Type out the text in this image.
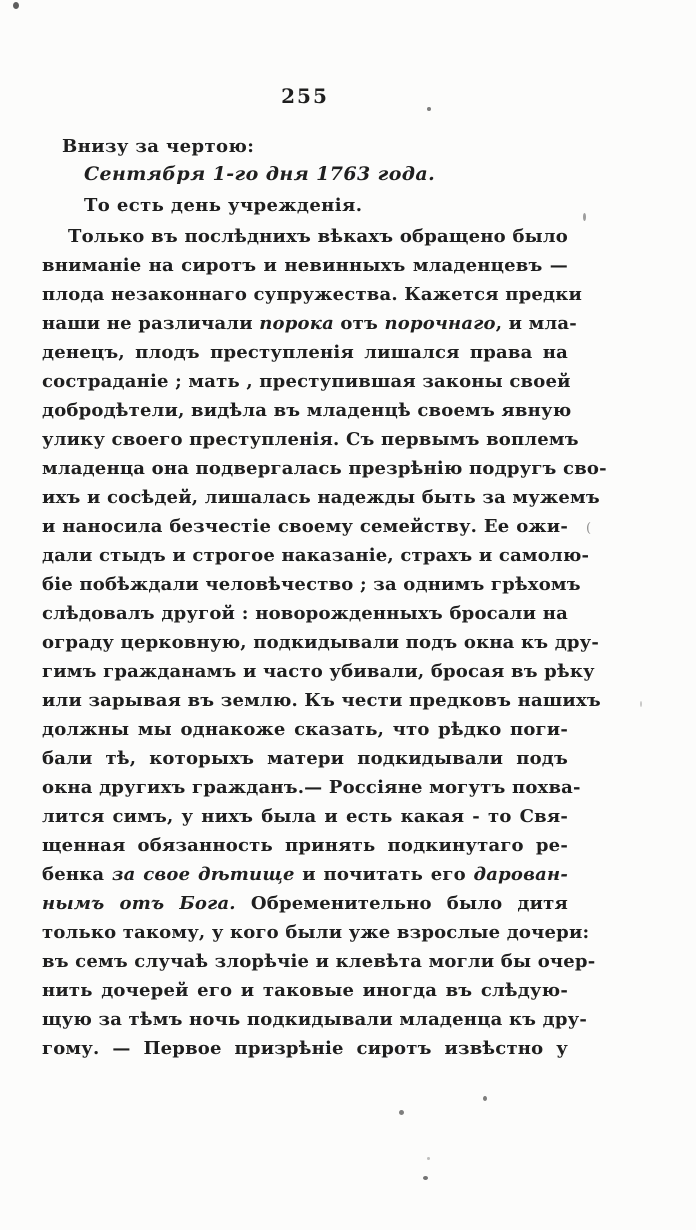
255
Внизу за чертою:
Сентября 1-го дня 1763 года.
То есть день учрежденія.
Только въ послѣднихъ вѣкахъ обращено было
вниманіе на сиротъ и невинныхъ младенцевъ —
плода незаконнаго супружества. Кажется предки
наши не различали порока отъ порочнаго, и мла-
денецъ, плодъ преступленія лишался права на
состраданіе ; мать , преступившая законы своей
добродѣтели, видѣла въ младенцѣ своемъ явную
улику своего преступленія. Съ первымъ воплемъ
младенца она подвергалась презрѣнію подругъ сво-
ихъ и сосѣдей, лишалась надежды быть за мужемъ
и наносила безчестіе своему семейству. Ее ожи-
дали стыдъ и строгое наказаніе, страхъ и самолю-
біе побѣждали человѣчество ; за однимъ грѣхомъ
слѣдовалъ другой : новорожденныхъ бросали на
ограду церковную, подкидывали подъ окна къ дру-
гимъ гражданамъ и часто убивали, бросая въ рѣку
или зарывая въ землю. Къ чести предковъ нашихъ
должны мы однакоже сказать, что рѣдко поги-
бали тѣ, которыхъ матери подкидывали подъ
окна другихъ гражданъ.— Россіяне могутъ похва-
лится симъ, у нихъ была и есть какая - то Свя-
щенная обязанность принять подкинутаго ре-
бенка за свое дѣтище и почитать его дарован-
нымъ отъ Бога. Обременительно было дитя
только такому, у кого были уже взрослые дочери:
въ семъ случаѣ злорѣчіе и клевѣта могли бы очер-
нить дочерей его и таковые иногда въ слѣдую-
щую за тѣмъ ночь подкидывали младенца къ дру-
гому. — Первое призрѣніе сиротъ извѣстно у
(
